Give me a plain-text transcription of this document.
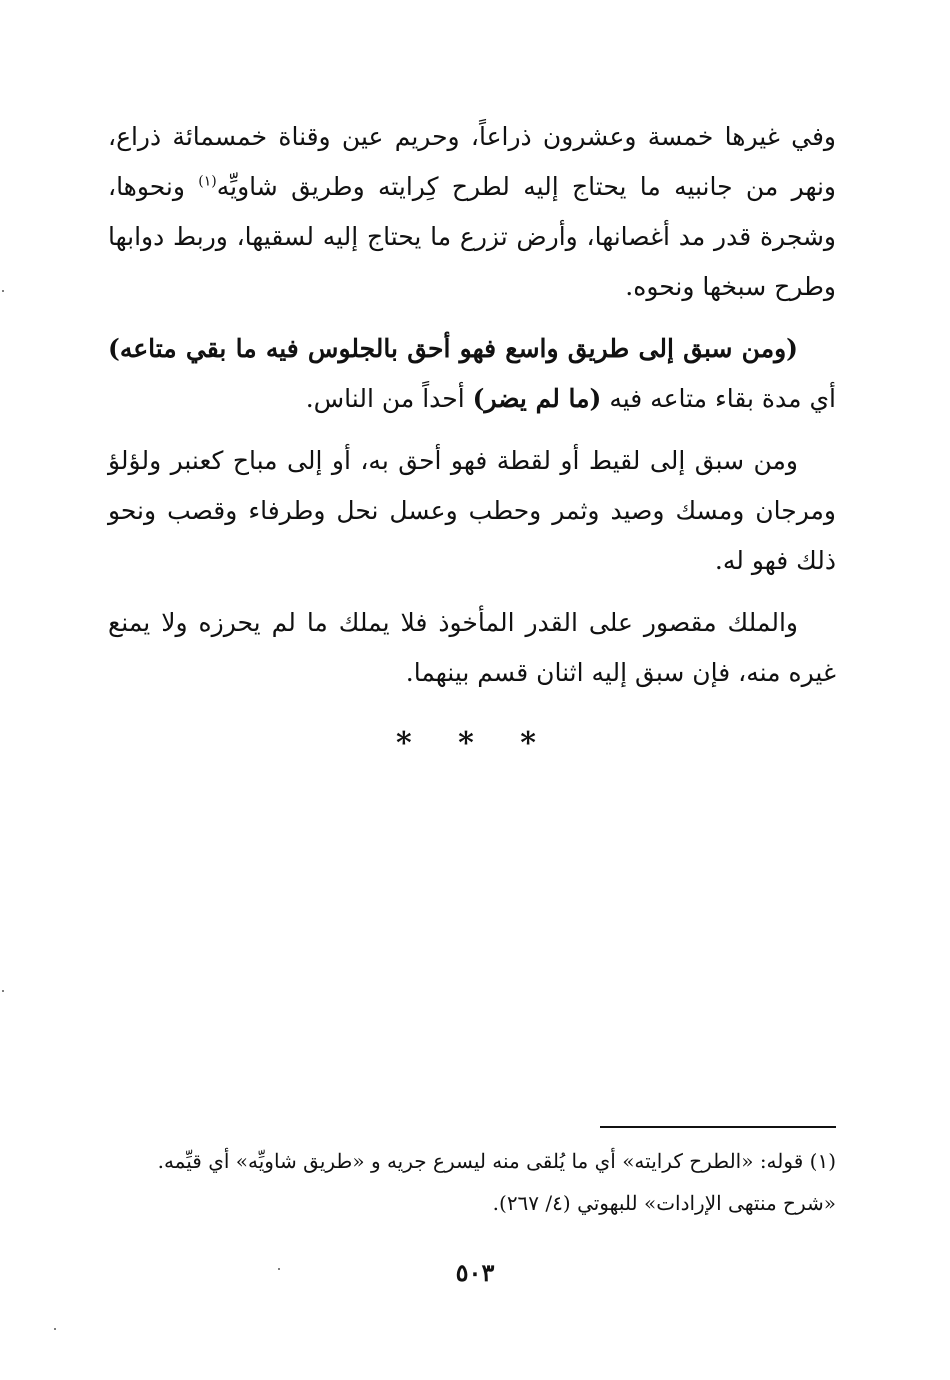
وفي غيرها خمسة وعشرون ذراعاً، وحريم عين وقناة خمسمائة ذراع، ونهر من جانبيه ما يحتاج إليه لطرح كِرايته وطريق شاويِّه$^{(١)}$ ونحوها، وشجرة قدر مد أغصانها، وأرض تزرع ما يحتاج إليه لسقيها، وربط دوابها وطرح سبخها ونحوه.

(ومن سبق إلى طريق واسع فهو أحق بالجلوس فيه ما بقي متاعه) أي مدة بقاء متاعه فيه (ما لم يضر) أحداً من الناس.

ومن سبق إلى لقيط أو لقطة فهو أحق به، أو إلى مباح كعنبر ولؤلؤ ومرجان ومسك وصيد وثمر وحطب وعسل نحل وطرفاء وقصب ونحو ذلك فهو له.

والملك مقصور على القدر المأخوذ فلا يملك ما لم يحرزه ولا يمنع غيره منه، فإن سبق إليه اثنان قسم بينهما.

* * *

(١) قوله: «الطرح كرايته» أي ما يُلقى منه ليسرع جريه و «طريق شاويِّه» أي قيِّمه.

«شرح منتهى الإرادات» للبهوتي (٤/ ٢٦٧).

٥٠٣
